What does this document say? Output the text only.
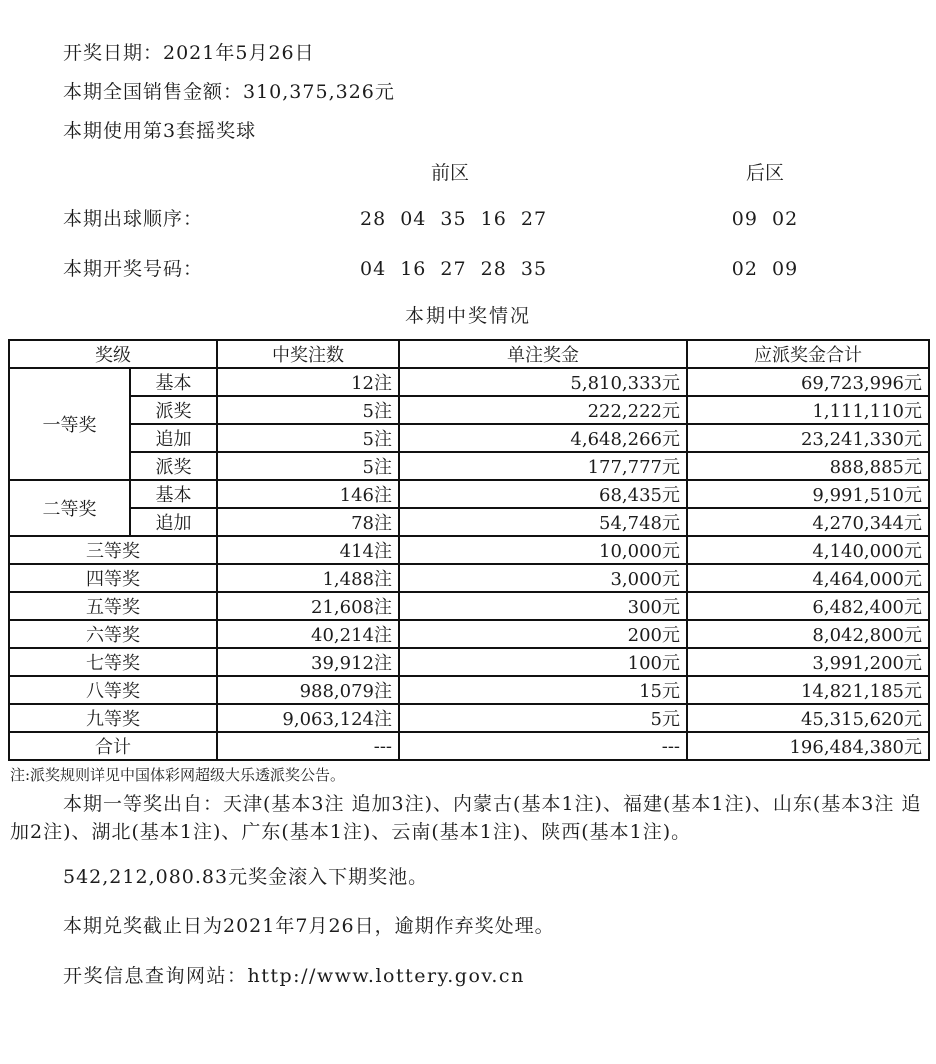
开奖日期：2021年5月26日
本期全国销售金额：310,375,326元
本期使用第3套摇奖球
前区	后区
本期出球顺序：	28 04 35 16 27	09 02
本期开奖号码：	04 16 27 28 35	02 09
本期中奖情况
奖级		中奖注数	单注奖金	应派奖金合计
一等奖	基本	12注	5,810,333元	69,723,996元
	派奖	5注	222,222元	1,111,110元
	追加	5注	4,648,266元	23,241,330元
	派奖	5注	177,777元	888,885元
二等奖	基本	146注	68,435元	9,991,510元
	追加	78注	54,748元	4,270,344元
三等奖		414注	10,000元	4,140,000元
四等奖		1,488注	3,000元	4,464,000元
五等奖		21,608注	300元	6,482,400元
六等奖		40,214注	200元	8,042,800元
七等奖		39,912注	100元	3,991,200元
八等奖		988,079注	15元	14,821,185元
九等奖		9,063,124注	5元	45,315,620元
合计		---	---	196,484,380元
注:派奖规则详见中国体彩网超级大乐透派奖公告。
本期一等奖出自：天津(基本3注 追加3注)、内蒙古(基本1注)、福建(基本1注)、山东(基本3注 追加2注)、湖北(基本1注)、广东(基本1注)、云南(基本1注)、陕西(基本1注)。
542,212,080.83元奖金滚入下期奖池。
本期兑奖截止日为2021年7月26日，逾期作弃奖处理。
开奖信息查询网站：http://www.lottery.gov.cn
